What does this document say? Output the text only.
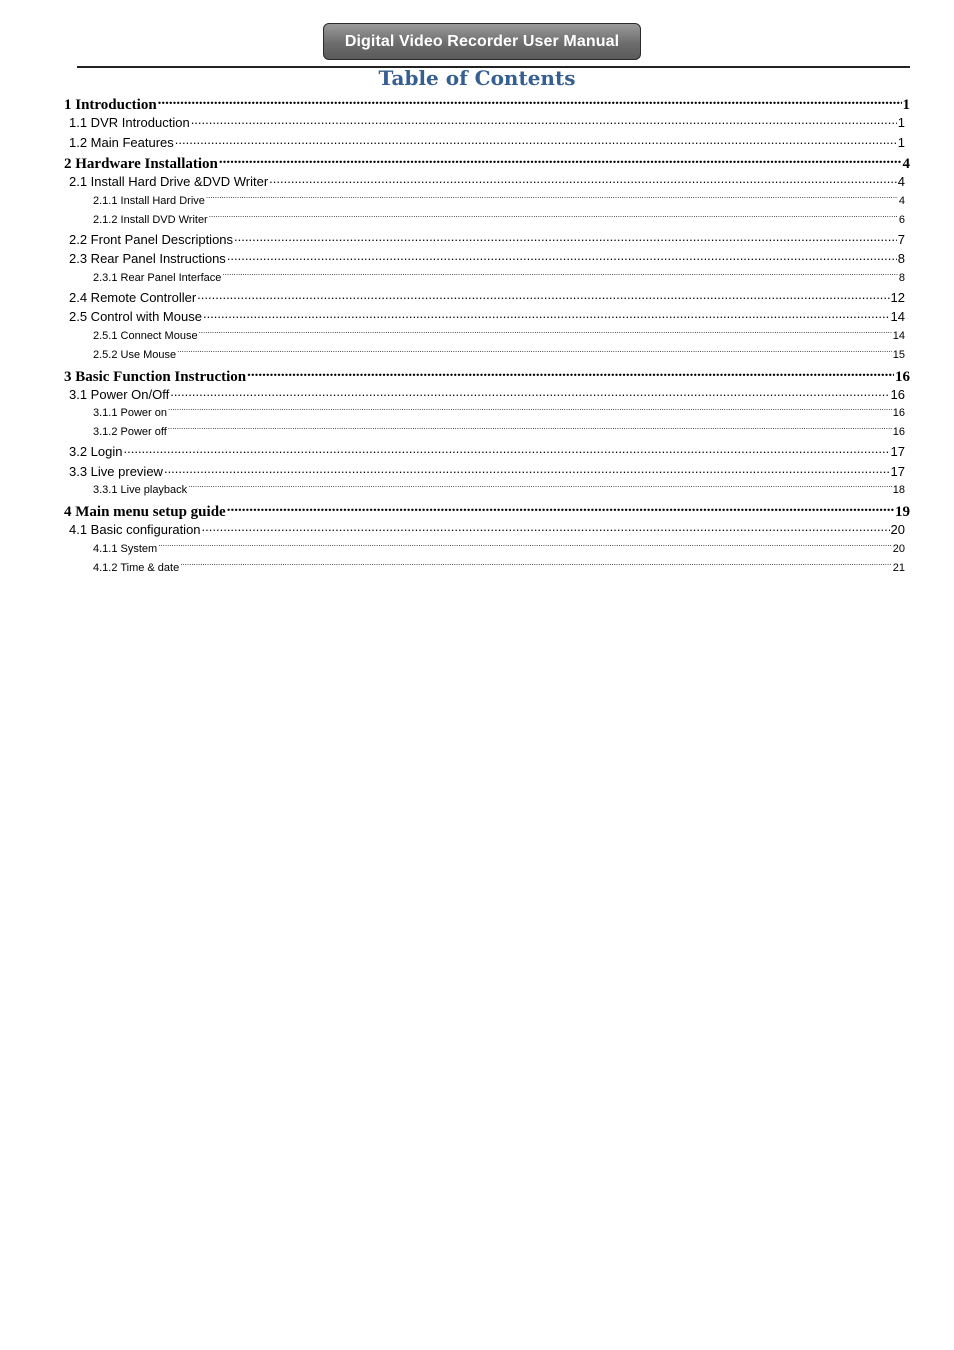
Digital Video Recorder User Manual
Table of Contents
1 Introduction .....	1
1.1 DVR Introduction .....	1
1.2 Main Features .....	1
2 Hardware Installation .....	4
2.1 Install Hard Drive &DVD Writer .....	4
2.1.1 Install Hard Drive .....	4
2.1.2 Install DVD Writer .....	6
2.2 Front Panel Descriptions .....	7
2.3 Rear Panel Instructions .....	8
2.3.1 Rear Panel Interface .....	8
2.4 Remote Controller .....	12
2.5 Control with Mouse .....	14
2.5.1 Connect Mouse .....	14
2.5.2 Use Mouse .....	15
3 Basic Function Instruction .....	16
3.1 Power On/Off .....	16
3.1.1 Power on .....	16
3.1.2 Power off .....	16
3.2 Login .....	17
3.3 Live preview .....	17
3.3.1 Live playback .....	18
4 Main menu setup guide .....	19
4.1 Basic configuration .....	20
4.1.1 System .....	20
4.1.2 Time & date .....	21
